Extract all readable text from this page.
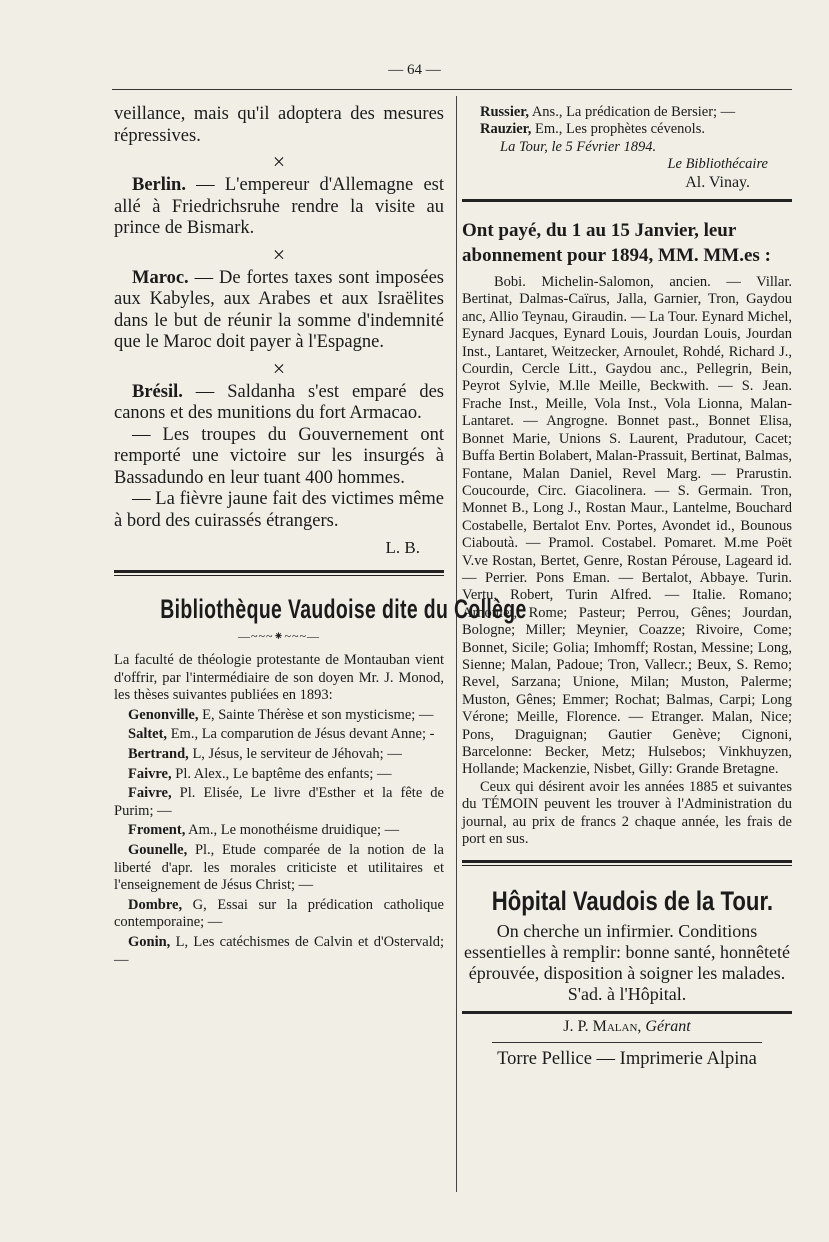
— 64 —

veillance, mais qu'il adoptera des mesures répressives.

×

Berlin. — L'empereur d'Allemagne est allé à Friedrichsruhe rendre la visite au prince de Bismark.

×

Maroc. — De fortes taxes sont imposées aux Kabyles, aux Arabes et aux Israëlites dans le but de réunir la somme d'indemnité que le Maroc doit payer à l'Espagne.

×

Brésil. — Saldanha s'est emparé des canons et des munitions du fort Armacao.

— Les troupes du Gouvernement ont remporté une victoire sur les insurgés à Bassadundo en leur tuant 400 hommes.

— La fièvre jaune fait des victimes même à bord des cuirassés étrangers.

L. B.

Bibliothèque Vaudoise dite du Collège
—~~~⁕~~~—

La faculté de théologie protestante de Montauban vient d'offrir, par l'intermédiaire de son doyen Mr. J. Monod, les thèses suivantes publiées en 1893:

Genonville, E, Sainte Thérèse et son mysticisme; —

Saltet, Em., La comparution de Jésus devant Anne; -

Bertrand, L, Jésus, le serviteur de Jéhovah; —

Faivre, Pl. Alex., Le baptême des enfants; —

Faivre, Pl. Elisée, Le livre d'Esther et la fête de Purim; —

Froment, Am., Le monothéisme druidique; —

Gounelle, Pl., Etude comparée de la notion de la liberté d'apr. les morales criticiste et utilitaires et l'enseignement de Jésus Christ; —

Dombre, G, Essai sur la prédication catholique contemporaine; —

Gonin, L, Les catéchismes de Calvin et d'Ostervald; —

Russier, Ans., La prédication de Bersier; —

Rauzier, Em., Les prophètes cévenols.

La Tour, le 5 Février 1894.

Le Bibliothécaire

Al. Vinay.

Ont payé, du 1 au 15 Janvier, leur abonnement pour 1894, MM. MM.es :

Bobi. Michelin-Salomon, ancien. — Villar. Bertinat, Dalmas-Caïrus, Jalla, Garnier, Tron, Gaydou anc, Allio Teynau, Giraudin. — La Tour. Eynard Michel, Eynard Jacques, Eynard Louis, Jourdan Louis, Jourdan Inst., Lantaret, Weitzecker, Arnoulet, Rohdé, Richard J., Courdin, Cercle Litt., Gaydou anc., Pellegrin, Bein, Peyrot Sylvie, M.lle Meille, Beckwith. — S. Jean. Frache Inst., Meille, Vola Inst., Vola Lionna, Malan-Lantaret. — Angrogne. Bonnet past., Bonnet Elisa, Bonnet Marie, Unions S. Laurent, Pradutour, Cacet; Buffa Bertin Bolabert, Malan-Prassuit, Bertinat, Balmas, Fontane, Malan Daniel, Revel Marg. — Prarustin. Coucourde, Circ. Giacolinera. — S. Germain. Tron, Monnet B., Long J., Rostan Maur., Lantelme, Bouchard Costabelle, Bertalot Env. Portes, Avondet id., Bounous Ciaboutà. — Pramol. Costabel. Pomaret. M.me Poët V.ve Rostan, Bertet, Genre, Rostan Pérouse, Lageard id. — Perrier. Pons Eman. — Bertalot, Abbaye. Turin. Vertu, Robert, Turin Alfred. — Italie. Romano; Arnoulet, Rome; Pasteur; Perrou, Gênes; Jourdan, Bologne; Miller; Meynier, Coazze; Rivoire, Come; Bonnet, Sicile; Golia; Imhomff; Rostan, Messine; Long, Sienne; Malan, Padoue; Tron, Vallecr.; Beux, S. Remo; Revel, Sarzana; Unione, Milan; Muston, Palerme; Muston, Gênes; Emmer; Rochat; Balmas, Carpi; Long Vérone; Meille, Florence. — Etranger. Malan, Nice; Pons, Draguignan; Gautier Genève; Cignoni, Barcelonne: Becker, Metz; Hulsebos; Vinkhuyzen, Hollande; Mackenzie, Nisbet, Gilly: Grande Bretagne.

Ceux qui désirent avoir les années 1885 et suivantes du TÉMOIN peuvent les trouver à l'Administration du journal, au prix de francs 2 chaque année, les frais de port en sus.

Hôpital Vaudois de la Tour.

On cherche un infirmier. Conditions essentielles à remplir: bonne santé, honnêteté éprouvée, disposition à soigner les malades. S'ad. à l'Hôpital.

J. P. Malan, Gérant

Torre Pellice — Imprimerie Alpina
